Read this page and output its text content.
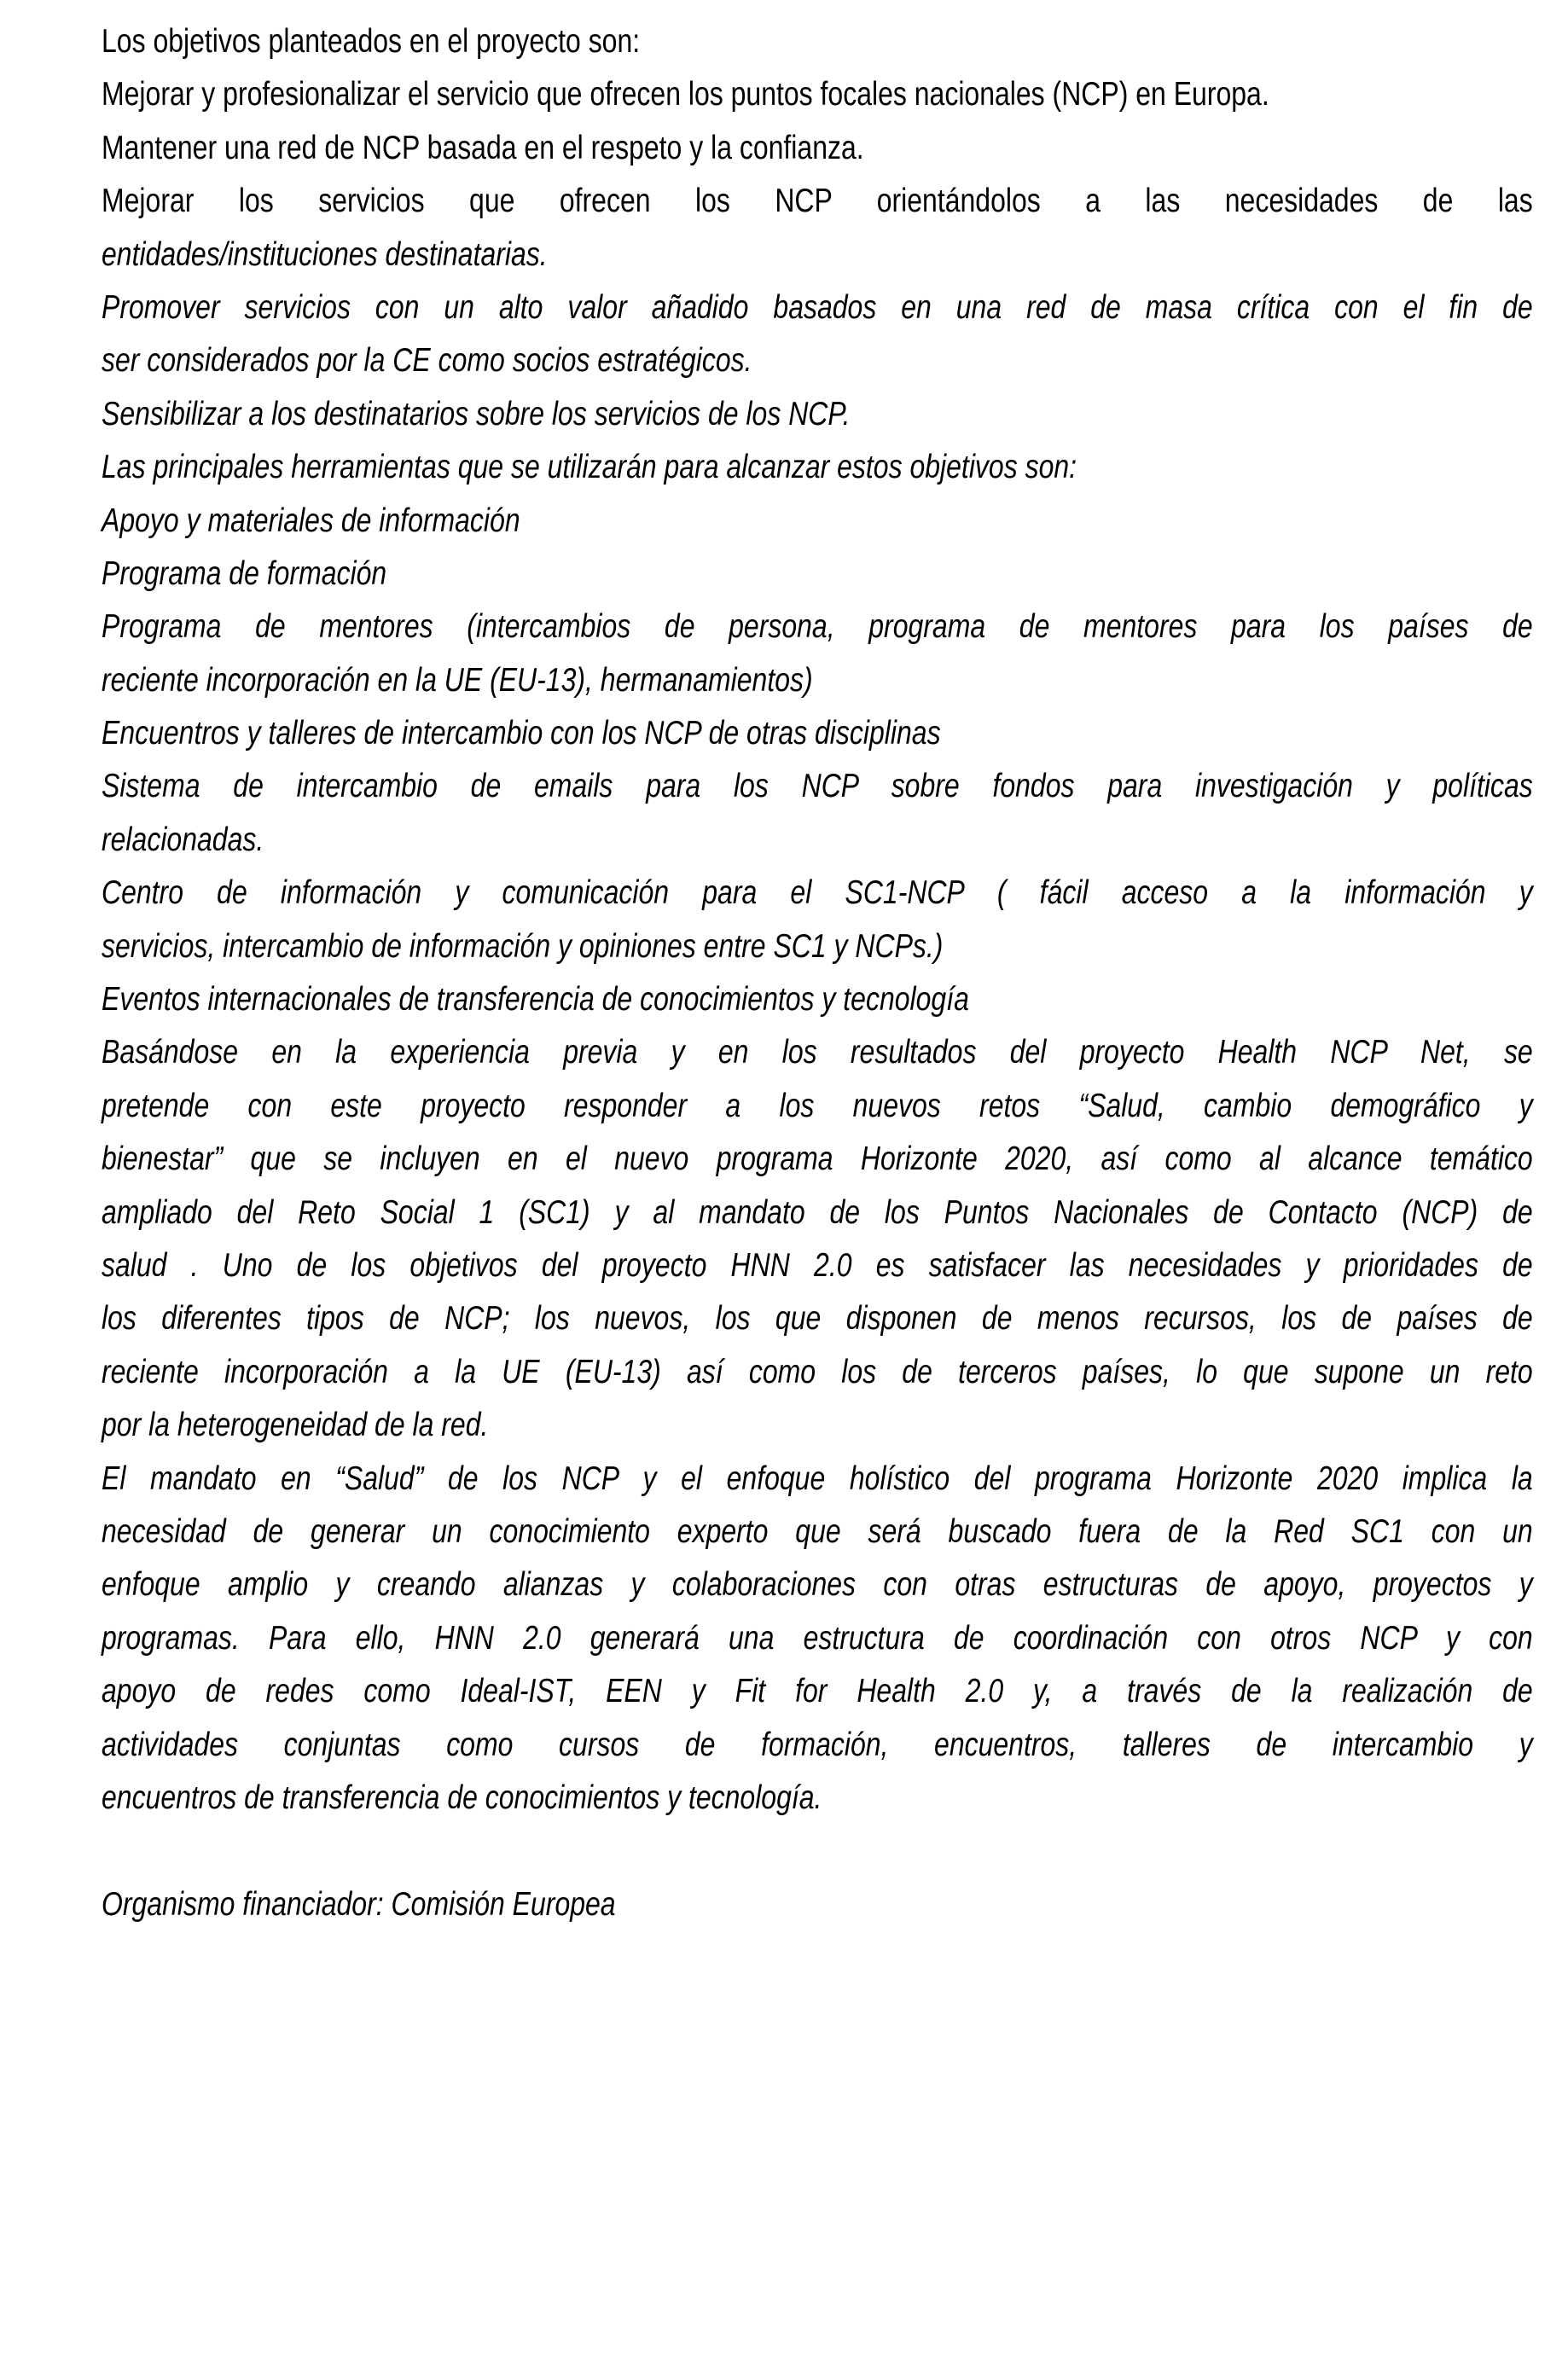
Los objetivos planteados en el proyecto son:
Mejorar y profesionalizar el servicio que ofrecen los puntos focales nacionales (NCP) en Europa.
Mantener una red de NCP basada en el respeto y la confianza.
Mejorar los servicios que ofrecen los NCP orientándolos a las necesidades de las
entidades/instituciones destinatarias.
Promover servicios con un alto valor añadido basados en una red de masa crítica con el fin de
ser considerados por la CE como socios estratégicos.
Sensibilizar a los destinatarios sobre los servicios de los NCP.
Las principales herramientas que se utilizarán para alcanzar estos objetivos son:
Apoyo y materiales de información
Programa de formación
Programa de mentores (intercambios de persona, programa de mentores para los países de
reciente incorporación en la UE (EU-13), hermanamientos)
Encuentros y talleres de intercambio con los NCP de otras disciplinas
Sistema de intercambio de emails para los NCP sobre fondos para investigación y políticas
relacionadas.
Centro de información y comunicación para el SC1-NCP ( fácil acceso a la información y
servicios, intercambio de información y opiniones entre SC1 y NCPs.)
Eventos internacionales de transferencia de conocimientos y tecnología
Basándose en la experiencia previa y en los resultados del proyecto Health NCP Net, se
pretende con este proyecto responder a los nuevos retos “Salud, cambio demográfico y
bienestar” que se incluyen en el nuevo programa Horizonte 2020, así como al alcance temático
ampliado del Reto Social 1 (SC1) y al mandato de los Puntos Nacionales de Contacto (NCP) de
salud . Uno de los objetivos del proyecto HNN 2.0 es satisfacer las necesidades y prioridades de
los diferentes tipos de NCP; los nuevos, los que disponen de menos recursos, los de países de
reciente incorporación a la UE (EU-13) así como los de terceros países, lo que supone un reto
por la heterogeneidad de la red.
El mandato en “Salud” de los NCP y el enfoque holístico del programa Horizonte 2020 implica la
necesidad de generar un conocimiento experto que será buscado fuera de la Red SC1 con un
enfoque amplio y creando alianzas y colaboraciones con otras estructuras de apoyo, proyectos y
programas. Para ello, HNN 2.0 generará una estructura de coordinación con otros NCP y con
apoyo de redes como Ideal-IST, EEN y Fit for Health 2.0 y, a través de la realización de
actividades conjuntas como cursos de formación, encuentros, talleres de intercambio y
encuentros de transferencia de conocimientos y tecnología.
Organismo financiador: Comisión Europea
